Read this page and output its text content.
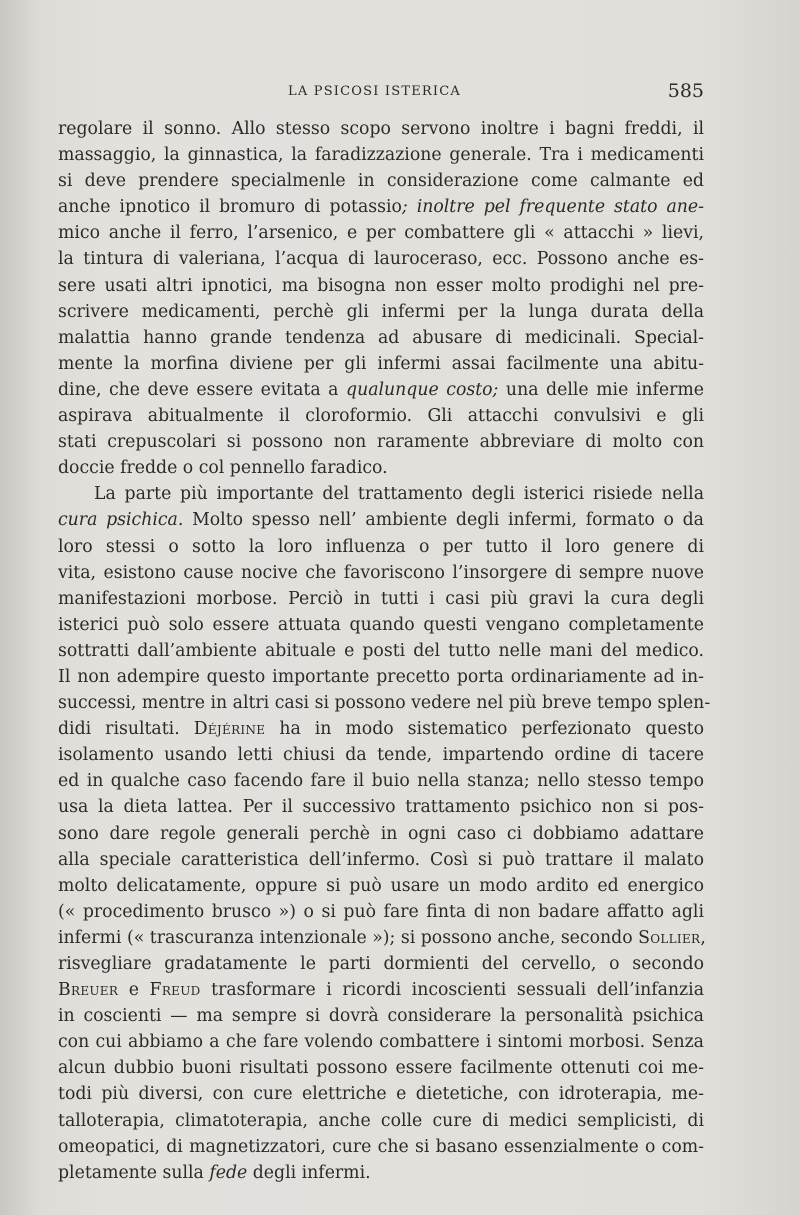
LA PSICOSI ISTERICA	585
regolare il sonno. Allo stesso scopo servono inoltre i bagni freddi, il
massaggio, la ginnastica, la faradizzazione generale. Tra i medicamenti
si deve prendere specialmenle in considerazione come calmante ed
anche ipnotico il bromuro di potassio; inoltre pel frequente stato ane-
mico anche il ferro, l’arsenico, e per combattere gli « attacchi » lievi,
la tintura di valeriana, l’acqua di lauroceraso, ecc. Possono anche es-
sere usati altri ipnotici, ma bisogna non esser molto prodighi nel pre-
scrivere medicamenti, perchè gli infermi per la lunga durata della
malattia hanno grande tendenza ad abusare di medicinali. Special-
mente la morfina diviene per gli infermi assai facilmente una abitu-
dine, che deve essere evitata a qualunque costo; una delle mie inferme
aspirava abitualmente il cloroformio. Gli attacchi convulsivi e gli
stati crepuscolari si possono non raramente abbreviare di molto con
doccie fredde o col pennello faradico.
La parte più importante del trattamento degli isterici risiede nella
cura psichica. Molto spesso nell’ ambiente degli infermi, formato o da
loro stessi o sotto la loro influenza o per tutto il loro genere di
vita, esistono cause nocive che favoriscono l’insorgere di sempre nuove
manifestazioni morbose. Perciò in tutti i casi più gravi la cura degli
isterici può solo essere attuata quando questi vengano completamente
sottratti dall’ambiente abituale e posti del tutto nelle mani del medico.
Il non adempire questo importante precetto porta ordinariamente ad in-
successi, mentre in altri casi si possono vedere nel più breve tempo splen-
didi risultati. Déjérine ha in modo sistematico perfezionato questo
isolamento usando letti chiusi da tende, impartendo ordine di tacere
ed in qualche caso facendo fare il buio nella stanza; nello stesso tempo
usa la dieta lattea. Per il successivo trattamento psichico non si pos-
sono dare regole generali perchè in ogni caso ci dobbiamo adattare
alla speciale caratteristica dell’infermo. Così si può trattare il malato
molto delicatamente, oppure si può usare un modo ardito ed energico
(« procedimento brusco ») o si può fare finta di non badare affatto agli
infermi (« trascuranza intenzionale »); si possono anche, secondo Sollier,
risvegliare gradatamente le parti dormienti del cervello, o secondo
Breuer e Freud trasformare i ricordi incoscienti sessuali dell’infanzia
in coscienti — ma sempre si dovrà considerare la personalità psichica
con cui abbiamo a che fare volendo combattere i sintomi morbosi. Senza
alcun dubbio buoni risultati possono essere facilmente ottenuti coi me-
todi più diversi, con cure elettriche e dietetiche, con idroterapia, me-
talloterapia, climatoterapia, anche colle cure di medici semplicisti, di
omeopatici, di magnetizzatori, cure che si basano essenzialmente o com-
pletamente sulla fede degli infermi.
